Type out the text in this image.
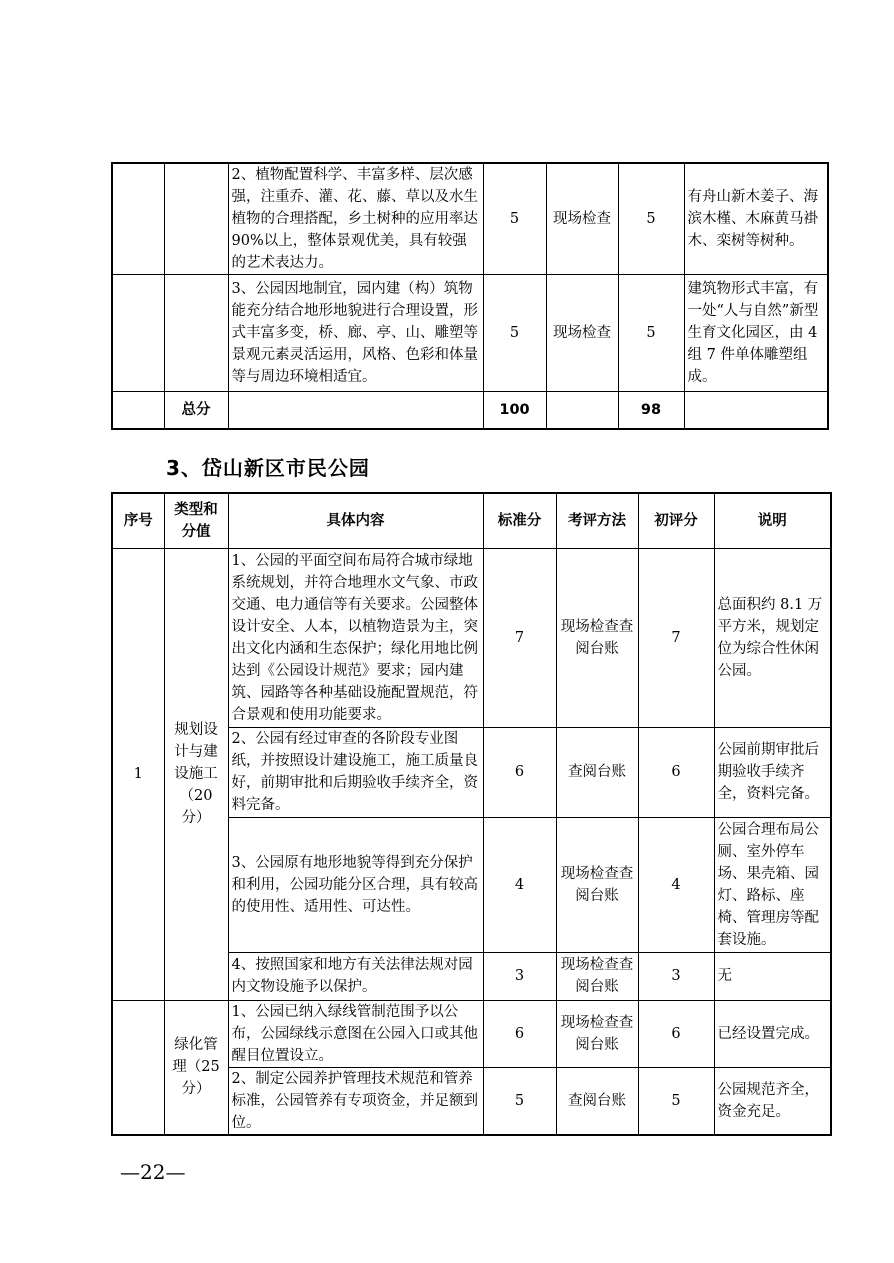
		2、植物配置科学、丰富多样、层次感强，注重乔、灌、花、藤、草以及水生植物的合理搭配，乡土树种的应用率达 90%以上，整体景观优美，具有较强的艺术表达力。	5	现场检查	5	有舟山新木姜子、海滨木槿、木麻黄马褂木、栾树等树种。
		3、公园因地制宜，园内建（构）筑物能充分结合地形地貌进行合理设置，形式丰富多变，桥、廊、亭、山、雕塑等景观元素灵活运用，风格、色彩和体量等与周边环境相适宜。	5	现场检查	5	建筑物形式丰富，有一处“人与自然”新型生育文化园区，由 4 组 7 件单体雕塑组成。
	总分		100		98	
3、岱山新区市民公园
序号	类型和分值	具体内容	标准分	考评方法	初评分	说明
1	规划设计与建设施工（20 分）	1、公园的平面空间布局符合城市绿地系统规划，并符合地理水文气象、市政交通、电力通信等有关要求。公园整体设计安全、人本，以植物造景为主，突出文化内涵和生态保护；绿化用地比例达到《公园设计规范》要求；园内建筑、园路等各种基础设施配置规范，符合景观和使用功能要求。	7	现场检查查阅台账	7	总面积约 8.1 万平方米，规划定位为综合性休闲公园。
		2、公园有经过审查的各阶段专业图纸，并按照设计建设施工，施工质量良好，前期审批和后期验收手续齐全，资料完备。	6	查阅台账	6	公园前期审批后期验收手续齐全，资料完备。
		3、公园原有地形地貌等得到充分保护和利用，公园功能分区合理，具有较高的使用性、适用性、可达性。	4	现场检查查阅台账	4	公园合理布局公厕、室外停车场、果壳箱、园灯、路标、座椅、管理房等配套设施。
		4、按照国家和地方有关法律法规对园内文物设施予以保护。	3	现场检查查阅台账	3	无
	绿化管理（25 分）	1、公园已纳入绿线管制范围予以公布，公园绿线示意图在公园入口或其他醒目位置设立。	6	现场检查查阅台账	6	已经设置完成。
		2、制定公园养护管理技术规范和管养标准，公园管养有专项资金，并足额到位。	5	查阅台账	5	公园规范齐全，资金充足。
—22—
